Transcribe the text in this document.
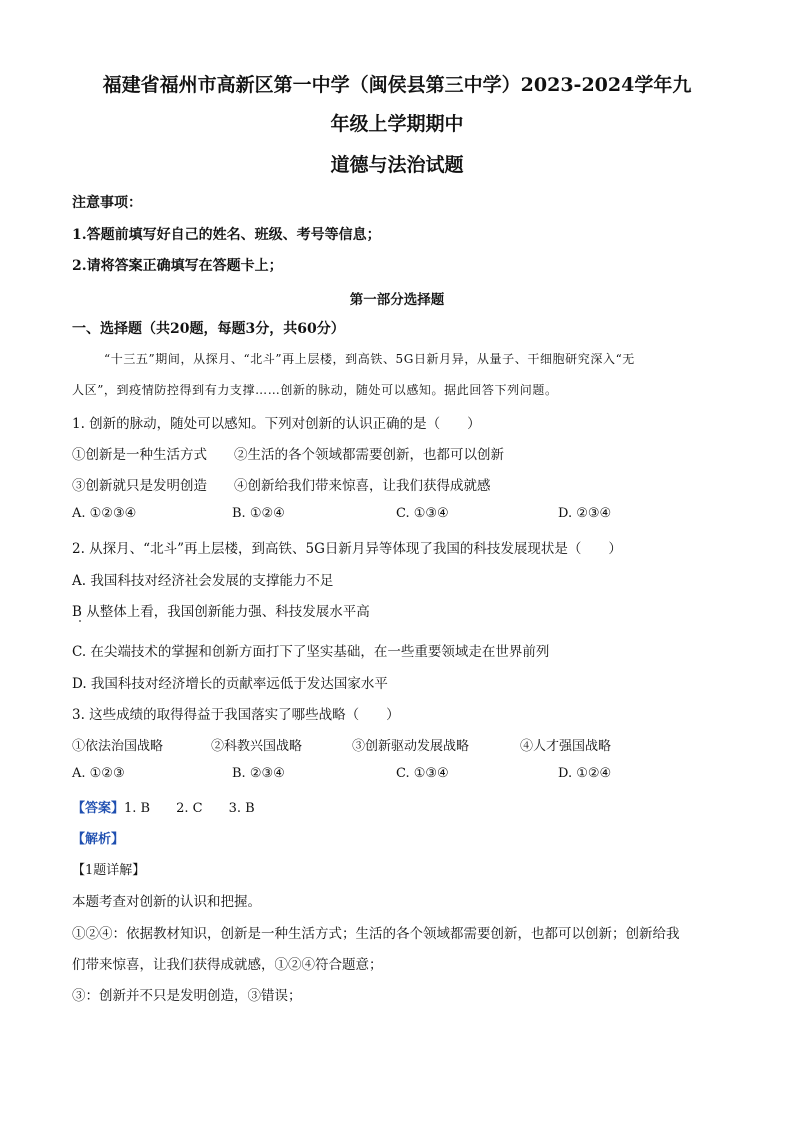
福建省福州市高新区第一中学（闽侯县第三中学）2023-2024学年九
年级上学期期中
道德与法治试题
注意事项：
1.答题前填写好自己的姓名、班级、考号等信息；
2.请将答案正确填写在答题卡上；
第一部分选择题
一、选择题（共20题，每题3分，共60分）
“十三五”期间，从探月、“北斗”再上层楼，到高铁、5G日新月异，从量子、干细胞研究深入“无
人区”，到疫情防控得到有力支撑……创新的脉动，随处可以感知。据此回答下列问题。
1. 创新的脉动，随处可以感知。下列对创新的认识正确的是（　　）
①创新是一种生活方式　　②生活的各个领域都需要创新，也都可以创新
③创新就只是发明创造　　④创新给我们带来惊喜，让我们获得成就感
A. ①②③④	B. ①②④	C. ①③④	D. ②③④
2. 从探月、“北斗”再上层楼，到高铁、5G日新月异等体现了我国的科技发展现状是（　　）
A. 我国科技对经济社会发展的支撑能力不足
B 从整体上看，我国创新能力强、科技发展水平高
C. 在尖端技术的掌握和创新方面打下了坚实基础，在一些重要领域走在世界前列
D. 我国科技对经济增长的贡献率远低于发达国家水平
3. 这些成绩的取得得益于我国落实了哪些战略（　　）
①依法治国战略	②科教兴国战略	③创新驱动发展战略	④人才强国战略
A. ①②③	B. ②③④	C. ①③④	D. ①②④
【答案】1. B　　2. C　　3. B
【解析】
【1题详解】
本题考查对创新的认识和把握。
①②④：依据教材知识，创新是一种生活方式；生活的各个领域都需要创新，也都可以创新；创新给我
们带来惊喜，让我们获得成就感，①②④符合题意；
③：创新并不只是发明创造，③错误；
